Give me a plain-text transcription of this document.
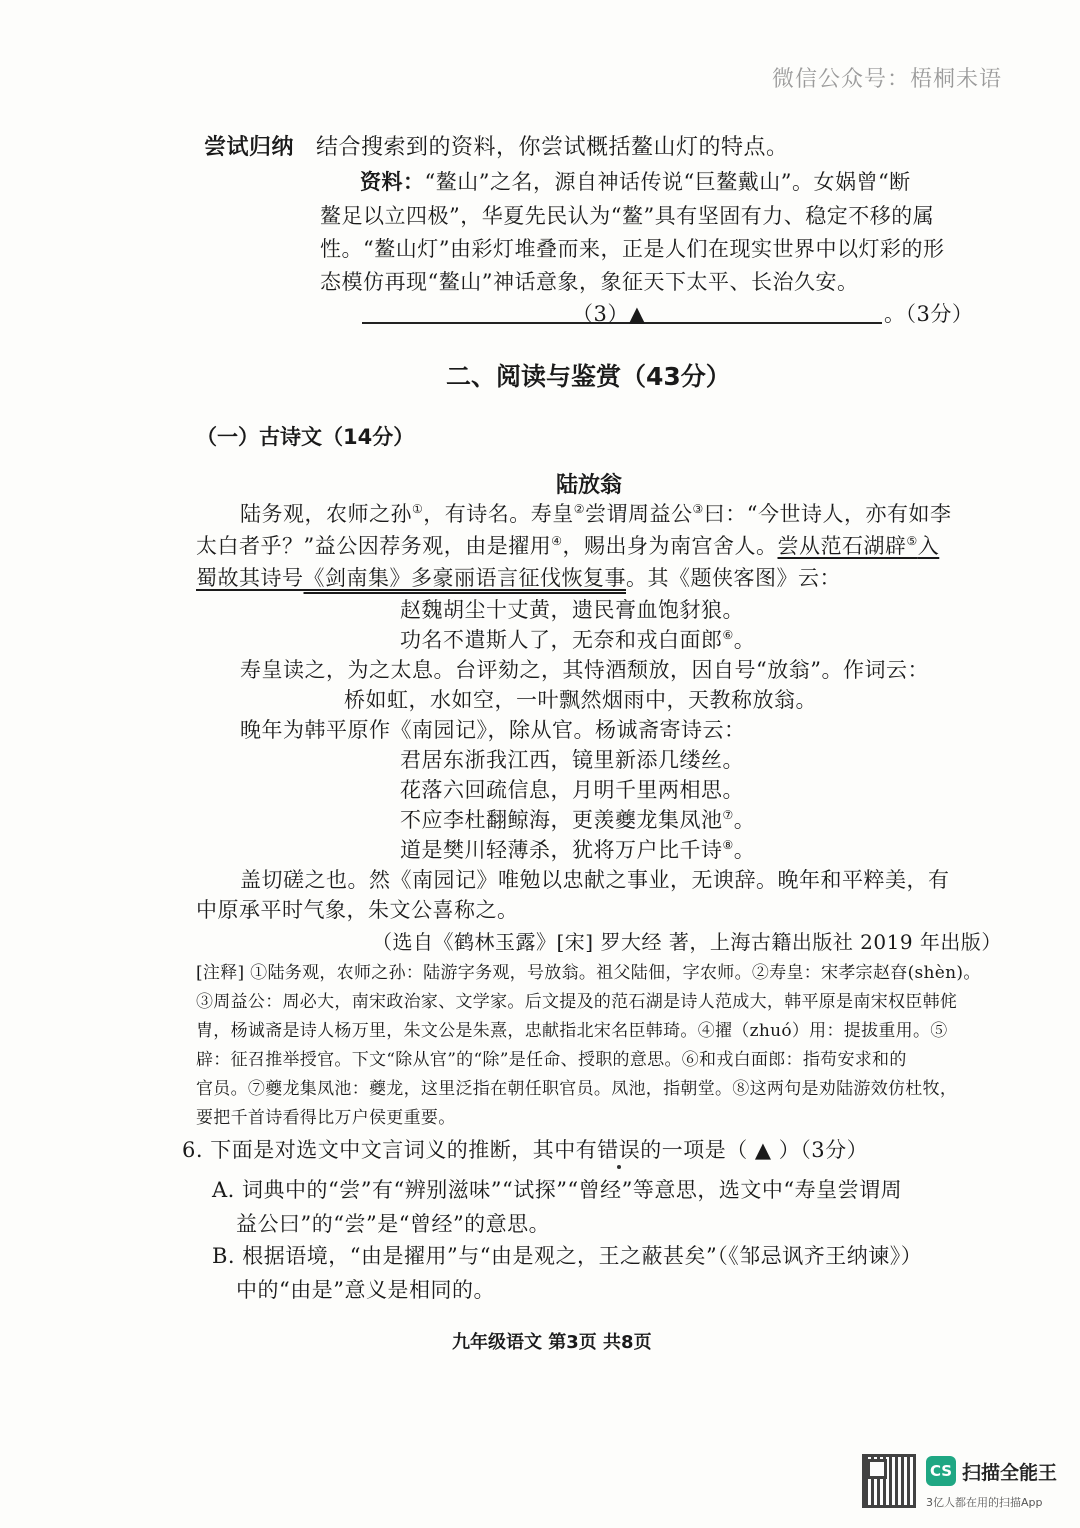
微信公众号：梧桐未语
尝试归纳 结合搜索到的资料，你尝试概括鳌山灯的特点。
资料：“鳌山”之名，源自神话传说“巨鳌戴山”。女娲曾“断
鳌足以立四极”，华夏先民认为“鳌”具有坚固有力、稳定不移的属
性。“鳌山灯”由彩灯堆叠而来，正是人们在现实世界中以灯彩的形
态模仿再现“鳌山”神话意象，象征天下太平、长治久安。
（3）▲	。（3分）
二、阅读与鉴赏（43分）
（一）古诗文（14分）
陆放翁
陆务观，农师之孙①，有诗名。寿皇②尝谓周益公③曰：“今世诗人，亦有如李
太白者乎？”益公因荐务观，由是擢用④，赐出身为南宫舍人。尝从范石湖辟⑤入
蜀故其诗号《剑南集》多豪丽语言征伐恢复事。其《题侠客图》云：
赵魏胡尘十丈黄，遗民膏血饱豺狼。
功名不遣斯人了，无奈和戎白面郎⑥。
寿皇读之，为之太息。台评劾之，其恃酒颓放，因自号“放翁”。作词云：
桥如虹，水如空，一叶飘然烟雨中，天教称放翁。
晚年为韩平原作《南园记》，除从官。杨诚斋寄诗云：
君居东浙我江西，镜里新添几缕丝。
花落六回疏信息，月明千里两相思。
不应李杜翻鲸海，更羡夔龙集凤池⑦。
道是樊川轻薄杀，犹将万户比千诗⑧。
盖切磋之也。然《南园记》唯勉以忠献之事业，无谀辞。晚年和平粹美，有
中原承平时气象，朱文公喜称之。
（选自《鹤林玉露》[宋] 罗大经 著，上海古籍出版社 2019 年出版）
[注释] ①陆务观，农师之孙：陆游字务观，号放翁。祖父陆佃，字农师。②寿皇：宋孝宗赵昚(shèn)。
③周益公：周必大，南宋政治家、文学家。后文提及的范石湖是诗人范成大，韩平原是南宋权臣韩侂
胄，杨诚斋是诗人杨万里，朱文公是朱熹，忠献指北宋名臣韩琦。④擢（zhuó）用：提拔重用。⑤
辟：征召推举授官。下文“除从官”的“除”是任命、授职的意思。⑥和戎白面郎：指苟安求和的
官员。⑦夔龙集凤池：夔龙，这里泛指在朝任职官员。凤池，指朝堂。⑧这两句是劝陆游效仿杜牧，
要把千首诗看得比万户侯更重要。
6. 下面是对选文中文言词义的推断，其中有错误的一项是（ ▲ ）（3分）
A. 词典中的“尝”有“辨别滋味”“试探”“曾经”等意思，选文中“寿皇尝谓周
益公曰”的“尝”是“曾经”的意思。
B. 根据语境，“由是擢用”与“由是观之，王之蔽甚矣”（《邹忌讽齐王纳谏》）
中的“由是”意义是相同的。
九年级语文 第3页 共8页
CS 扫描全能王
3亿人都在用的扫描App
